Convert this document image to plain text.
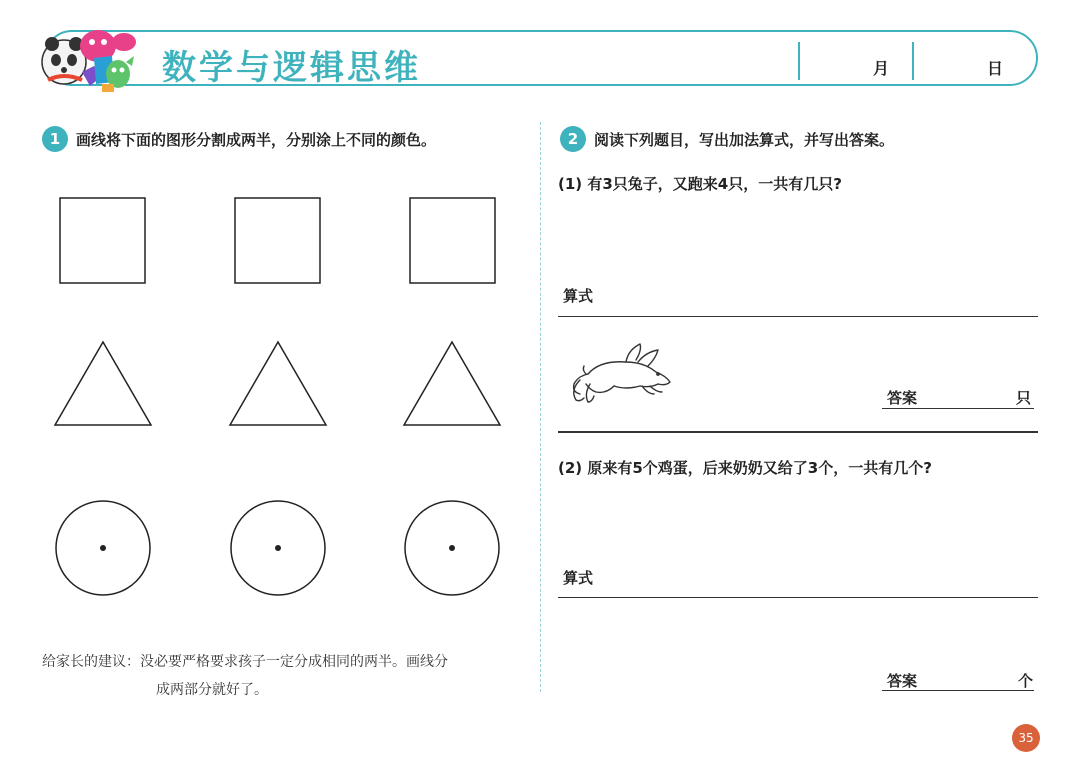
数学与逻辑思维	月	日
1	画线将下面的图形分割成两半，分别涂上不同的颜色。
给家长的建议：没必要严格要求孩子一定分成相同的两半。画线分
成两部分就好了。
2	阅读下列题目，写出加法算式，并写出答案。
(1) 有3只兔子，又跑来4只，一共有几只?
算式
答案	只
(2) 原来有5个鸡蛋，后来奶奶又给了3个，一共有几个?
算式
答案	个
35
